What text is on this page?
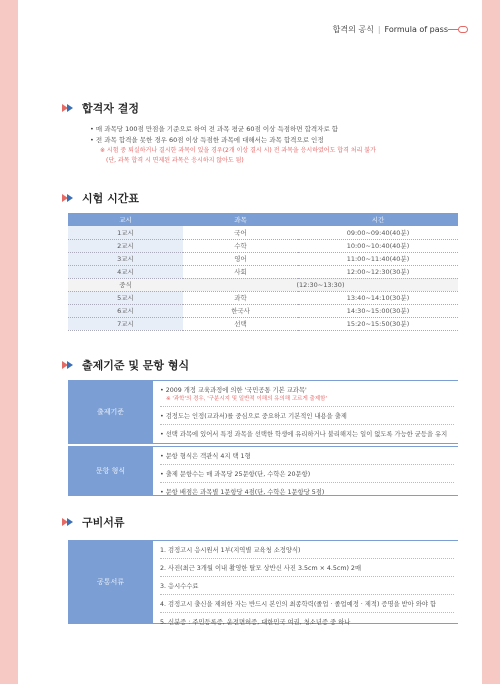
합격의 공식 | Formula of pass
합격자 결정
• 매 과목당 100점 만점을 기준으로 하여 전 과목 평균 60점 이상 득점하면 합격자로 함
• 전 과목 합격을 못한 경우 60점 이상 득점한 과목에 대해서는 과목 합격으로 인정
※ 시험 중 퇴실하거나 결시한 과목이 있을 경우(2개 이상 결시 시) 전 과목을 응시하였어도 합격 처리 불가
(단, 과목 합격 시 면제된 과목은 응시하지 않아도 됨)
시험 시간표
교시	과목	시간
1교시	국어	09:00~09:40(40분)
2교시	수학	10:00~10:40(40분)
3교시	영어	11:00~11:40(40분)
4교시	사회	12:00~12:30(30분)
중식	(12:30~13:30)	
5교시	과학	13:40~14:10(30분)
6교시	한국사	14:30~15:00(30분)
7교시	선택	15:20~15:50(30분)
출제기준 및 문항 형식
출제기준
• 2009 개정 교육과정에 의한 '국민공통 기본 교과목'
※ '과학'의 경우, '구분시지 및 일반적 이해의 유의해 고르게 출제함'
• 검정도는 인정(교과서)를 중심으로 중요하고 기본적인 내용을 출제
• 선택 과목에 있어서 특정 과목을 선택한 학생에 유리하거나 불리해지는 일이 없도록 가능한 균등을 유지
문항 형식
• 문항 형식은 객관식 4지 택 1형
• 출제 문항수는 매 과목당 25문항(단, 수학은 20문항)
• 문항 배점은 과목별 1문항당 4점(단, 수학은 1문항당 5점)
구비서류
공통서류
1. 검정고시 응시원서 1부(지역별 교육청 소정양식)
2. 사진(최근 3개월 이내 촬영한 탈모 상반신 사진 3.5cm × 4.5cm) 2매
3. 응시수수료
4. 검정고시 출신을 제외한 자는 반드시 본인의 최종학력(졸업 · 졸업예정 · 제적) 증명을 받아 와야 함
5. 신분증 : 주민등록증, 운전면허증, 대한민국 여권, 청소년증 중 하나
